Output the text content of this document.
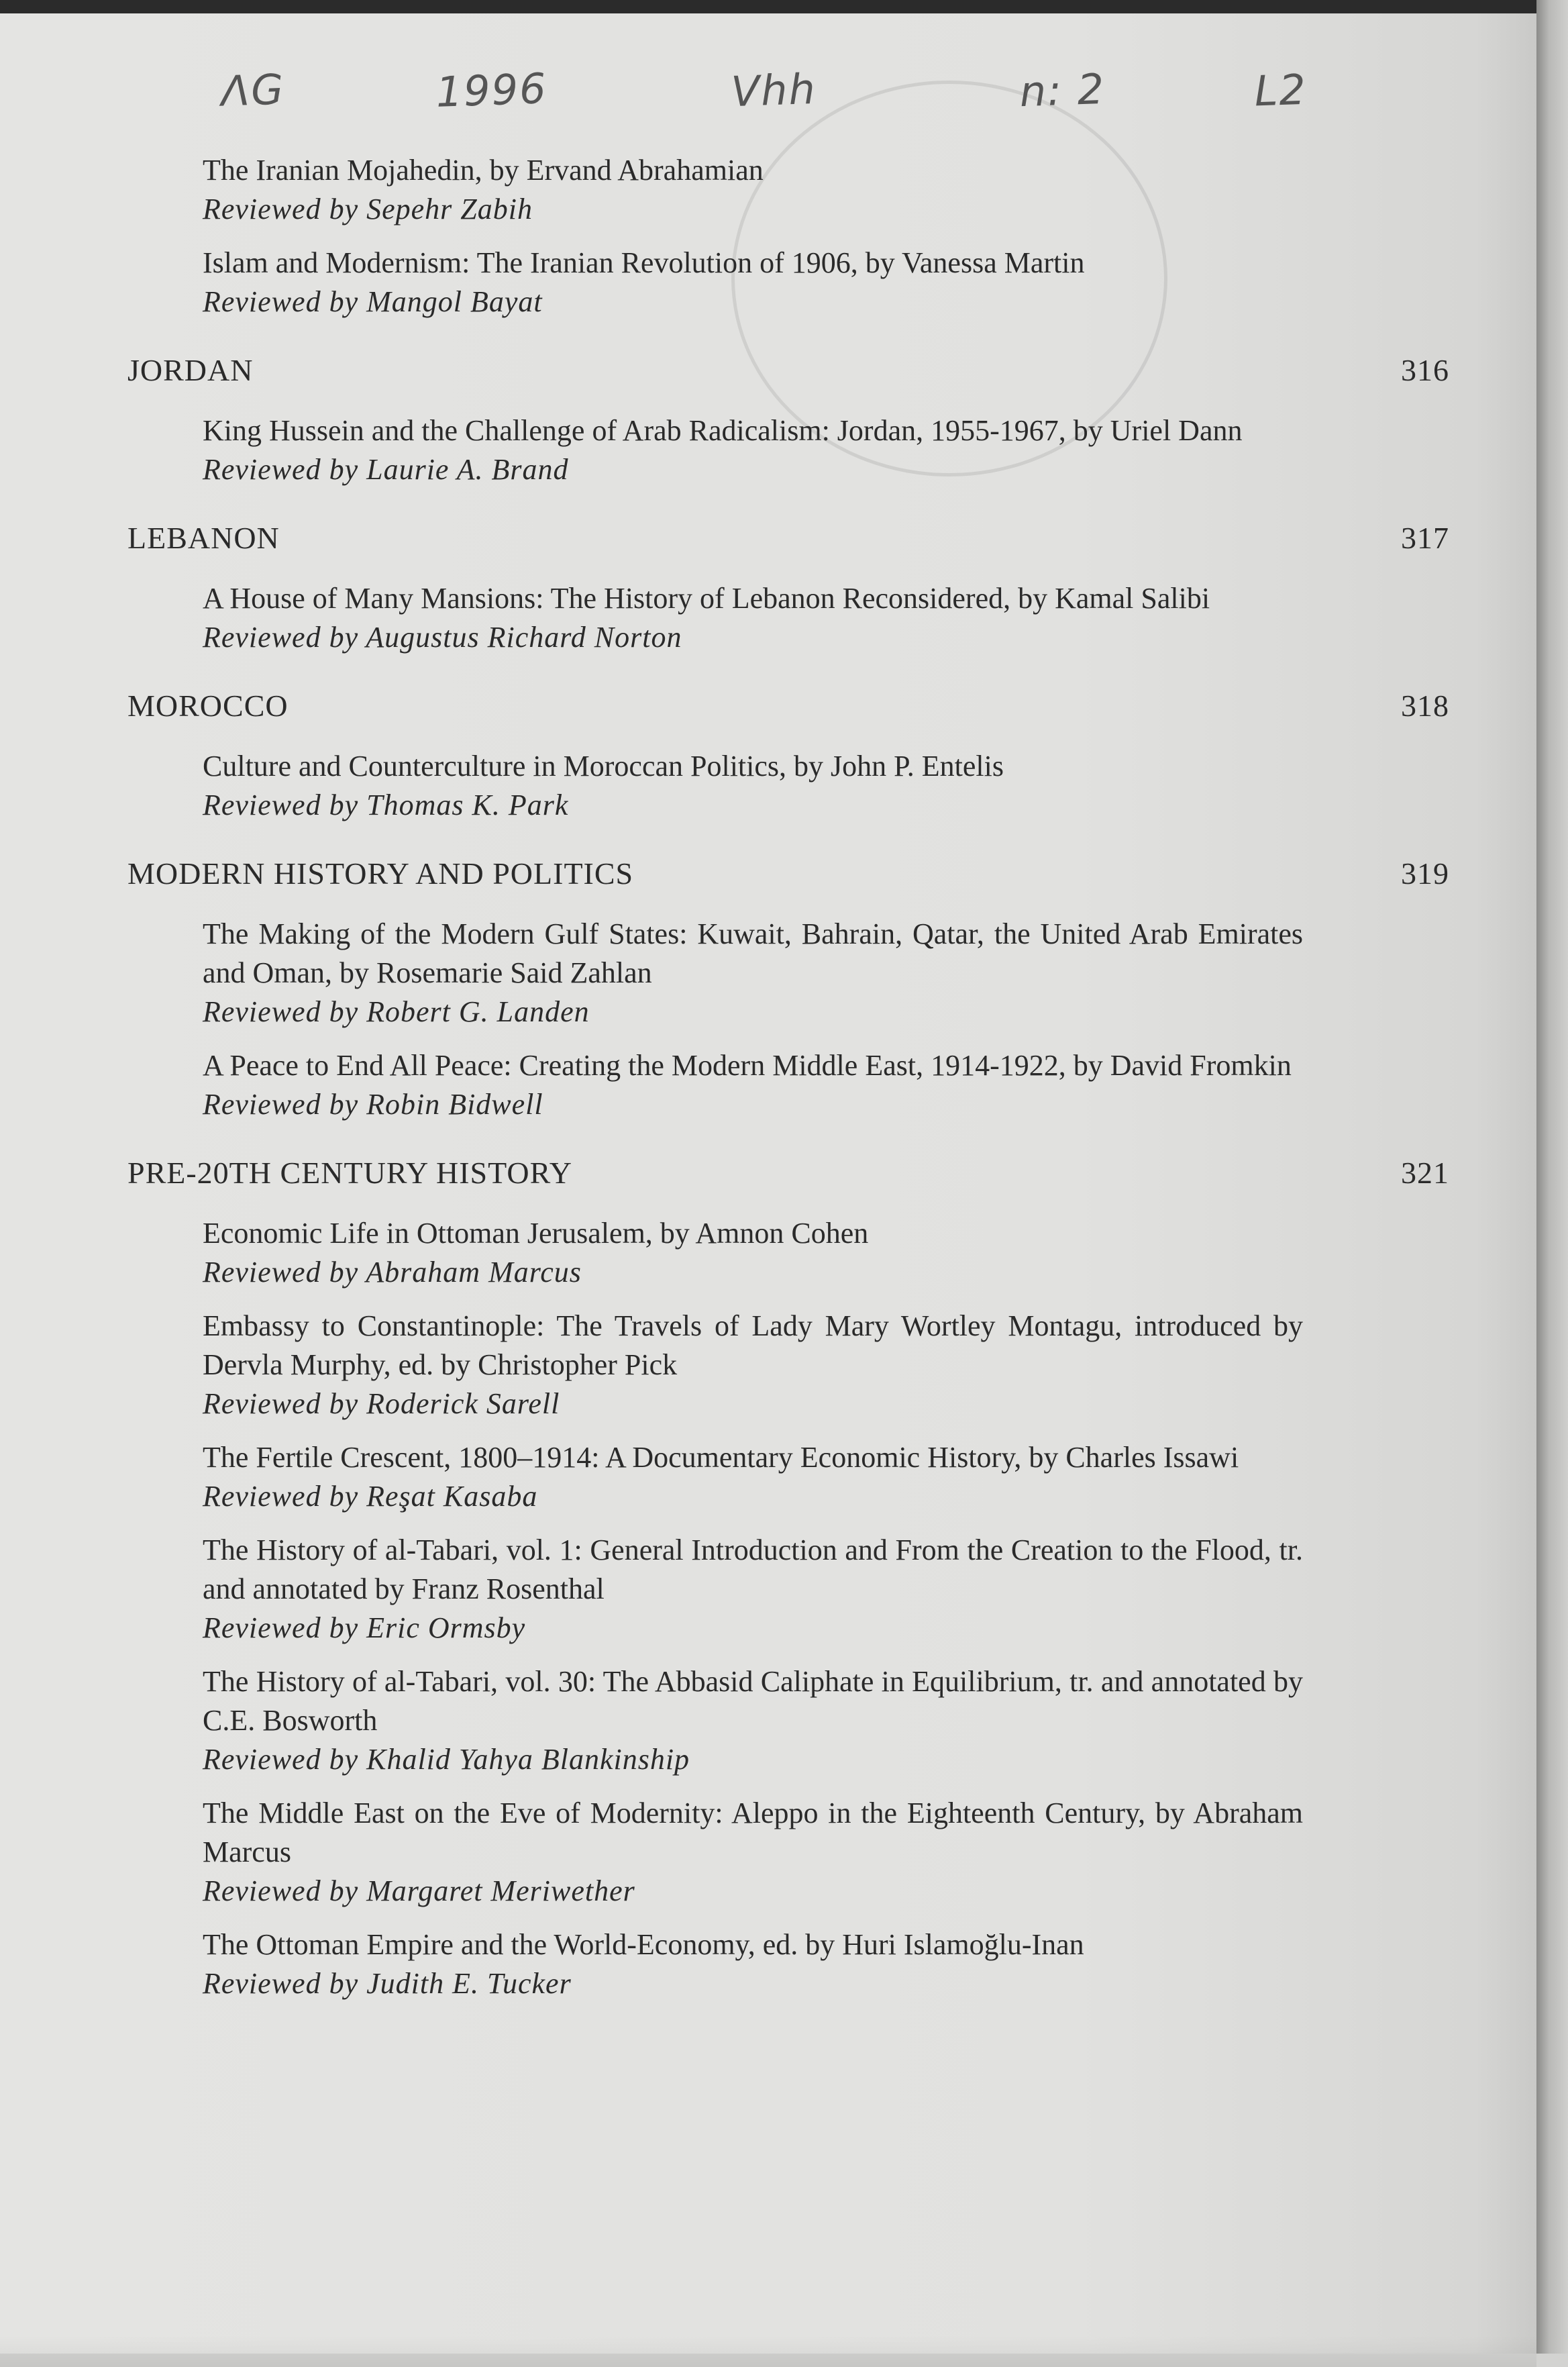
ΛG	1996	Vhh	n: 2	L2
The Iranian Mojahedin, by Ervand Abrahamian
Reviewed by Sepehr Zabih
Islam and Modernism: The Iranian Revolution of 1906, by Vanessa Martin
Reviewed by Mangol Bayat
JORDAN	316
King Hussein and the Challenge of Arab Radicalism: Jordan, 1955-1967, by Uriel Dann
Reviewed by Laurie A. Brand
LEBANON	317
A House of Many Mansions: The History of Lebanon Reconsidered, by Kamal Salibi
Reviewed by Augustus Richard Norton
MOROCCO	318
Culture and Counterculture in Moroccan Politics, by John P. Entelis
Reviewed by Thomas K. Park
MODERN HISTORY AND POLITICS	319
The Making of the Modern Gulf States: Kuwait, Bahrain, Qatar, the United Arab Emirates and Oman, by Rosemarie Said Zahlan
Reviewed by Robert G. Landen
A Peace to End All Peace: Creating the Modern Middle East, 1914-1922, by David Fromkin
Reviewed by Robin Bidwell
PRE-20TH CENTURY HISTORY	321
Economic Life in Ottoman Jerusalem, by Amnon Cohen
Reviewed by Abraham Marcus
Embassy to Constantinople: The Travels of Lady Mary Wortley Montagu, introduced by Dervla Murphy, ed. by Christopher Pick
Reviewed by Roderick Sarell
The Fertile Crescent, 1800–1914: A Documentary Economic History, by Charles Issawi
Reviewed by Reşat Kasaba
The History of al-Tabari, vol. 1: General Introduction and From the Creation to the Flood, tr. and annotated by Franz Rosenthal
Reviewed by Eric Ormsby
The History of al-Tabari, vol. 30: The Abbasid Caliphate in Equilibrium, tr. and annotated by C.E. Bosworth
Reviewed by Khalid Yahya Blankinship
The Middle East on the Eve of Modernity: Aleppo in the Eighteenth Century, by Abraham Marcus
Reviewed by Margaret Meriwether
The Ottoman Empire and the World-Economy, ed. by Huri Islamoğlu-Inan
Reviewed by Judith E. Tucker
